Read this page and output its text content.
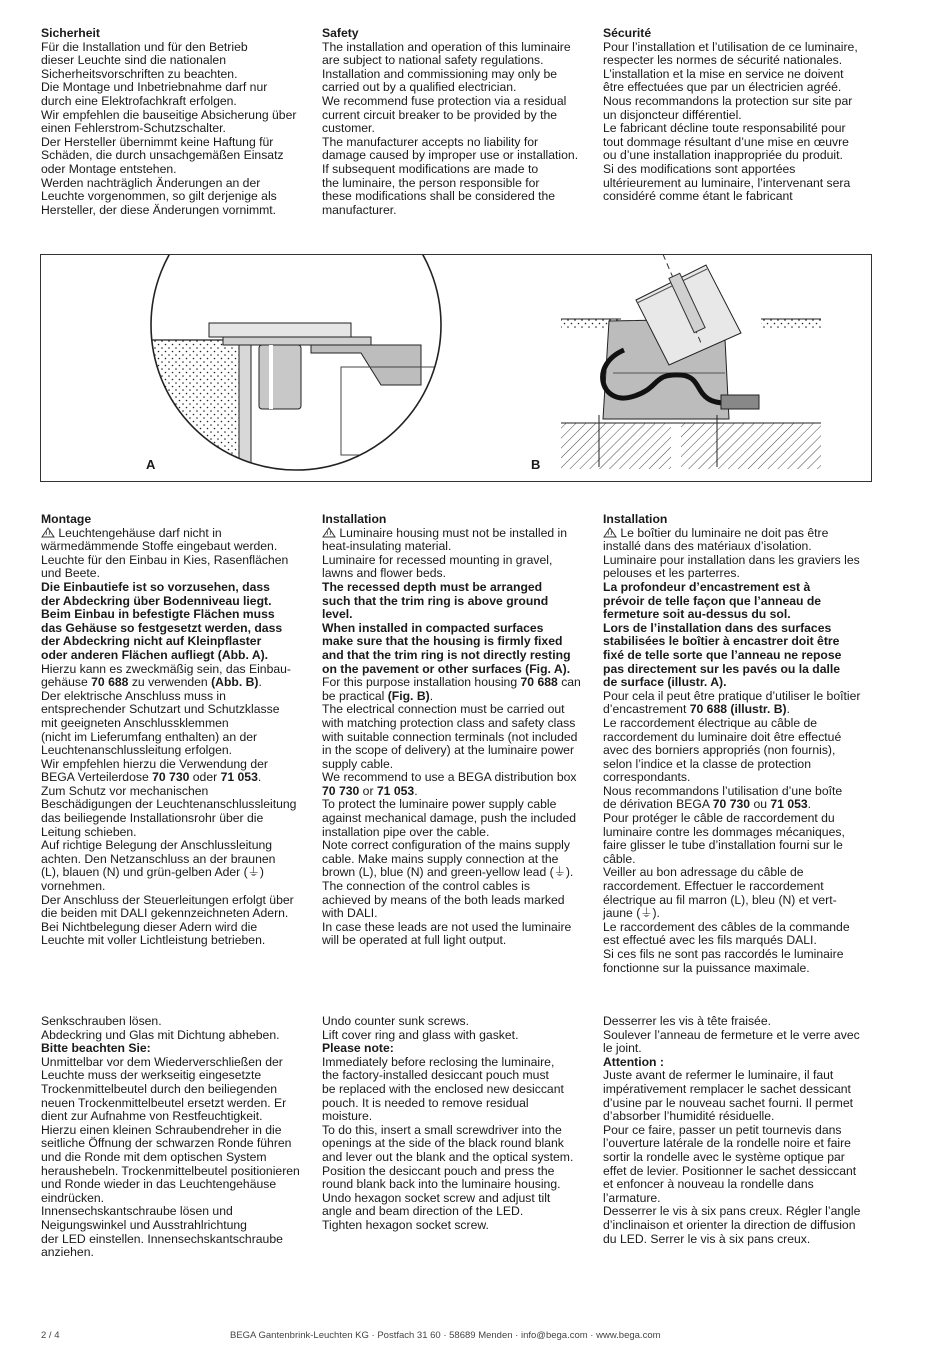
Sicherheit

Für die Installation und für den Betrieb
dieser Leuchte sind die nationalen
Sicherheitsvorschriften zu beachten.
Die Montage und Inbetriebnahme darf nur
durch eine Elektrofachkraft erfolgen.
Wir empfehlen die bauseitige Absicherung über
einen Fehlerstrom-Schutzschalter.
Der Hersteller übernimmt keine Haftung für
Schäden, die durch unsachgemäßen Einsatz
oder Montage entstehen.
Werden nachträglich Änderungen an der
Leuchte vorgenommen, so gilt derjenige als
Hersteller, der diese Änderungen vornimmt.

Safety

The installation and operation of this luminaire
are subject to national safety regulations.
Installation and commissioning may only be
carried out by a qualified electrician.
We recommend fuse protection via a residual
current circuit breaker to be provided by the
customer.
The manufacturer accepts no liability for
damage caused by improper use or installation.
If subsequent modifications are made to
the luminaire, the person responsible for
these modifications shall be considered the
manufacturer.

Sécurité

Pour l’installation et l’utilisation de ce luminaire,
respecter les normes de sécurité nationales.
L’installation et la mise en service ne doivent
être effectuées que par un électricien agréé.
Nous recommandons la protection sur site par
un disjoncteur différentiel.
Le fabricant décline toute responsabilité pour
tout dommage résultant d’une mise en œuvre
ou d’une installation inappropriée du produit.
Si des modifications sont apportées
ultérieurement au luminaire, l’intervenant sera
considéré comme étant le fabricant

A	B

Montage

Leuchtengehäuse darf nicht in
wärmedämmende Stoffe eingebaut werden.
Leuchte für den Einbau in Kies, Rasenflächen
und Beete.

Die Einbautiefe ist so vorzusehen, dass
der Abdeckring über Bodenniveau liegt.
Beim Einbau in befestigte Flächen muss
das Gehäuse so festgesetzt werden, dass
der Abdeckring nicht auf Kleinpflaster
oder anderen Flächen aufliegt (Abb. A).

Hierzu kann es zweckmäßig sein, das Einbau-
gehäuse 70 688 zu verwenden (Abb. B).

Der elektrische Anschluss muss in
entsprechender Schutzart und Schutzklasse
mit geeigneten Anschlussklemmen
(nicht im Lieferumfang enthalten) an der
Leuchtenanschlussleitung erfolgen.
Wir empfehlen hierzu die Verwendung der
BEGA Verteilerdose 70 730 oder 71 053.

Zum Schutz vor mechanischen
Beschädigungen der Leuchtenanschlussleitung
das beiliegende Installationsrohr über die
Leitung schieben.
Auf richtige Belegung der Anschlussleitung
achten. Den Netzanschluss an der braunen
(L), blauen (N) und grün-gelben Ader (⏚)
vornehmen.
Der Anschluss der Steuerleitungen erfolgt über
die beiden mit DALI gekennzeichneten Adern.
Bei Nichtbelegung dieser Adern wird die
Leuchte mit voller Lichtleistung betrieben.

Installation

Luminaire housing must not be installed in
heat-insulating material.
Luminaire for recessed mounting in gravel,
lawns and flower beds.

The recessed depth must be arranged
such that the trim ring is above ground
level.
When installed in compacted surfaces
make sure that the housing is firmly fixed
and that the trim ring is not directly resting
on the pavement or other surfaces (Fig. A).

For this purpose installation housing 70 688 can be practical (Fig. B).

The electrical connection must be carried out
with matching protection class and safety class
with suitable connection terminals (not included
in the scope of delivery) at the luminaire power
supply cable.
We recommend to use a BEGA distribution box 70 730 or 71 053.

To protect the luminaire power supply cable
against mechanical damage, push the included
installation pipe over the cable.
Note correct configuration of the mains supply
cable. Make mains supply connection at the
brown (L), blue (N) and green-yellow lead (⏚).
The connection of the control cables is
achieved by means of the both leads marked
with DALI.
In case these leads are not used the luminaire
will be operated at full light output.

Installation

Le boîtier du luminaire ne doit pas être
installé dans des matériaux d’isolation.
Luminaire pour installation dans les graviers les
pelouses et les parterres.

La profondeur d’encastrement est à
prévoir de telle façon que l’anneau de
fermeture soit au-dessus du sol.
Lors de l’installation dans des surfaces
stabilisées le boîtier à encastrer doit être
fixé de telle sorte que l’anneau ne repose
pas directement sur les pavés ou la dalle
de surface (illustr. A).

Pour cela il peut être pratique d’utiliser le boîtier
d’encastrement 70 688 (illustr. B).

Le raccordement électrique au câble de
raccordement du luminaire doit être effectué
avec des borniers appropriés (non fournis),
selon l’indice et la classe de protection
correspondants.
Nous recommandons l’utilisation d’une boîte
de dérivation BEGA 70 730 ou 71 053.

Pour protéger le câble de raccordement du
luminaire contre les dommages mécaniques,
faire glisser le tube d’installation fourni sur le
câble.
Veiller au bon adressage du câble de
raccordement. Effectuer le raccordement
électrique au fil marron (L), bleu (N) et vert-
jaune (⏚).
Le raccordement des câbles de la commande
est effectué avec les fils marqués DALI.
Si ces fils ne sont pas raccordés le luminaire
fonctionne sur la puissance maximale.

Senkschrauben lösen.
Abdeckring und Glas mit Dichtung abheben.

Bitte beachten Sie:

Unmittelbar vor dem Wiederverschließen der
Leuchte muss der werkseitig eingesetzte
Trockenmittelbeutel durch den beiliegenden
neuen Trockenmittelbeutel ersetzt werden. Er
dient zur Aufnahme von Restfeuchtigkeit.
Hierzu einen kleinen Schraubendreher in die
seitliche Öffnung der schwarzen Ronde führen
und die Ronde mit dem optischen System
heraushebeln. Trockenmittelbeutel positionieren
und Ronde wieder in das Leuchtengehäuse
eindrücken.
Innensechskantschraube lösen und
Neigungswinkel und Ausstrahlrichtung
der LED einstellen. Innensechskantschraube
anziehen.

Undo counter sunk screws.
Lift cover ring and glass with gasket.

Please note:

Immediately before reclosing the luminaire,
the factory-installed desiccant pouch must
be replaced with the enclosed new desiccant
pouch. It is needed to remove residual
moisture.
To do this, insert a small screwdriver into the
openings at the side of the black round blank
and lever out the blank and the optical system.
Position the desiccant pouch and press the
round blank back into the luminaire housing.
Undo hexagon socket screw and adjust tilt
angle and beam direction of the LED.
Tighten hexagon socket screw.

Desserrer les vis à tête fraisée.
Soulever l’anneau de fermeture et le verre avec
le joint.

Attention :

Juste avant de refermer le luminaire, il faut
impérativement remplacer le sachet dessicant
d’usine par le nouveau sachet fourni. Il permet
d’absorber l’humidité résiduelle.
Pour ce faire, passer un petit tournevis dans
l’ouverture latérale de la rondelle noire et faire
sortir la rondelle avec le système optique par
effet de levier. Positionner le sachet dessiccant
et enfoncer à nouveau la rondelle dans
l’armature.
Desserrer le vis à six pans creux. Régler l’angle
d’inclinaison et orienter la direction de diffusion
du LED. Serrer le vis à six pans creux.

2 / 4	BEGA Gantenbrink-Leuchten KG · Postfach 31 60 · 58689 Menden · info@bega.com · www.bega.com
